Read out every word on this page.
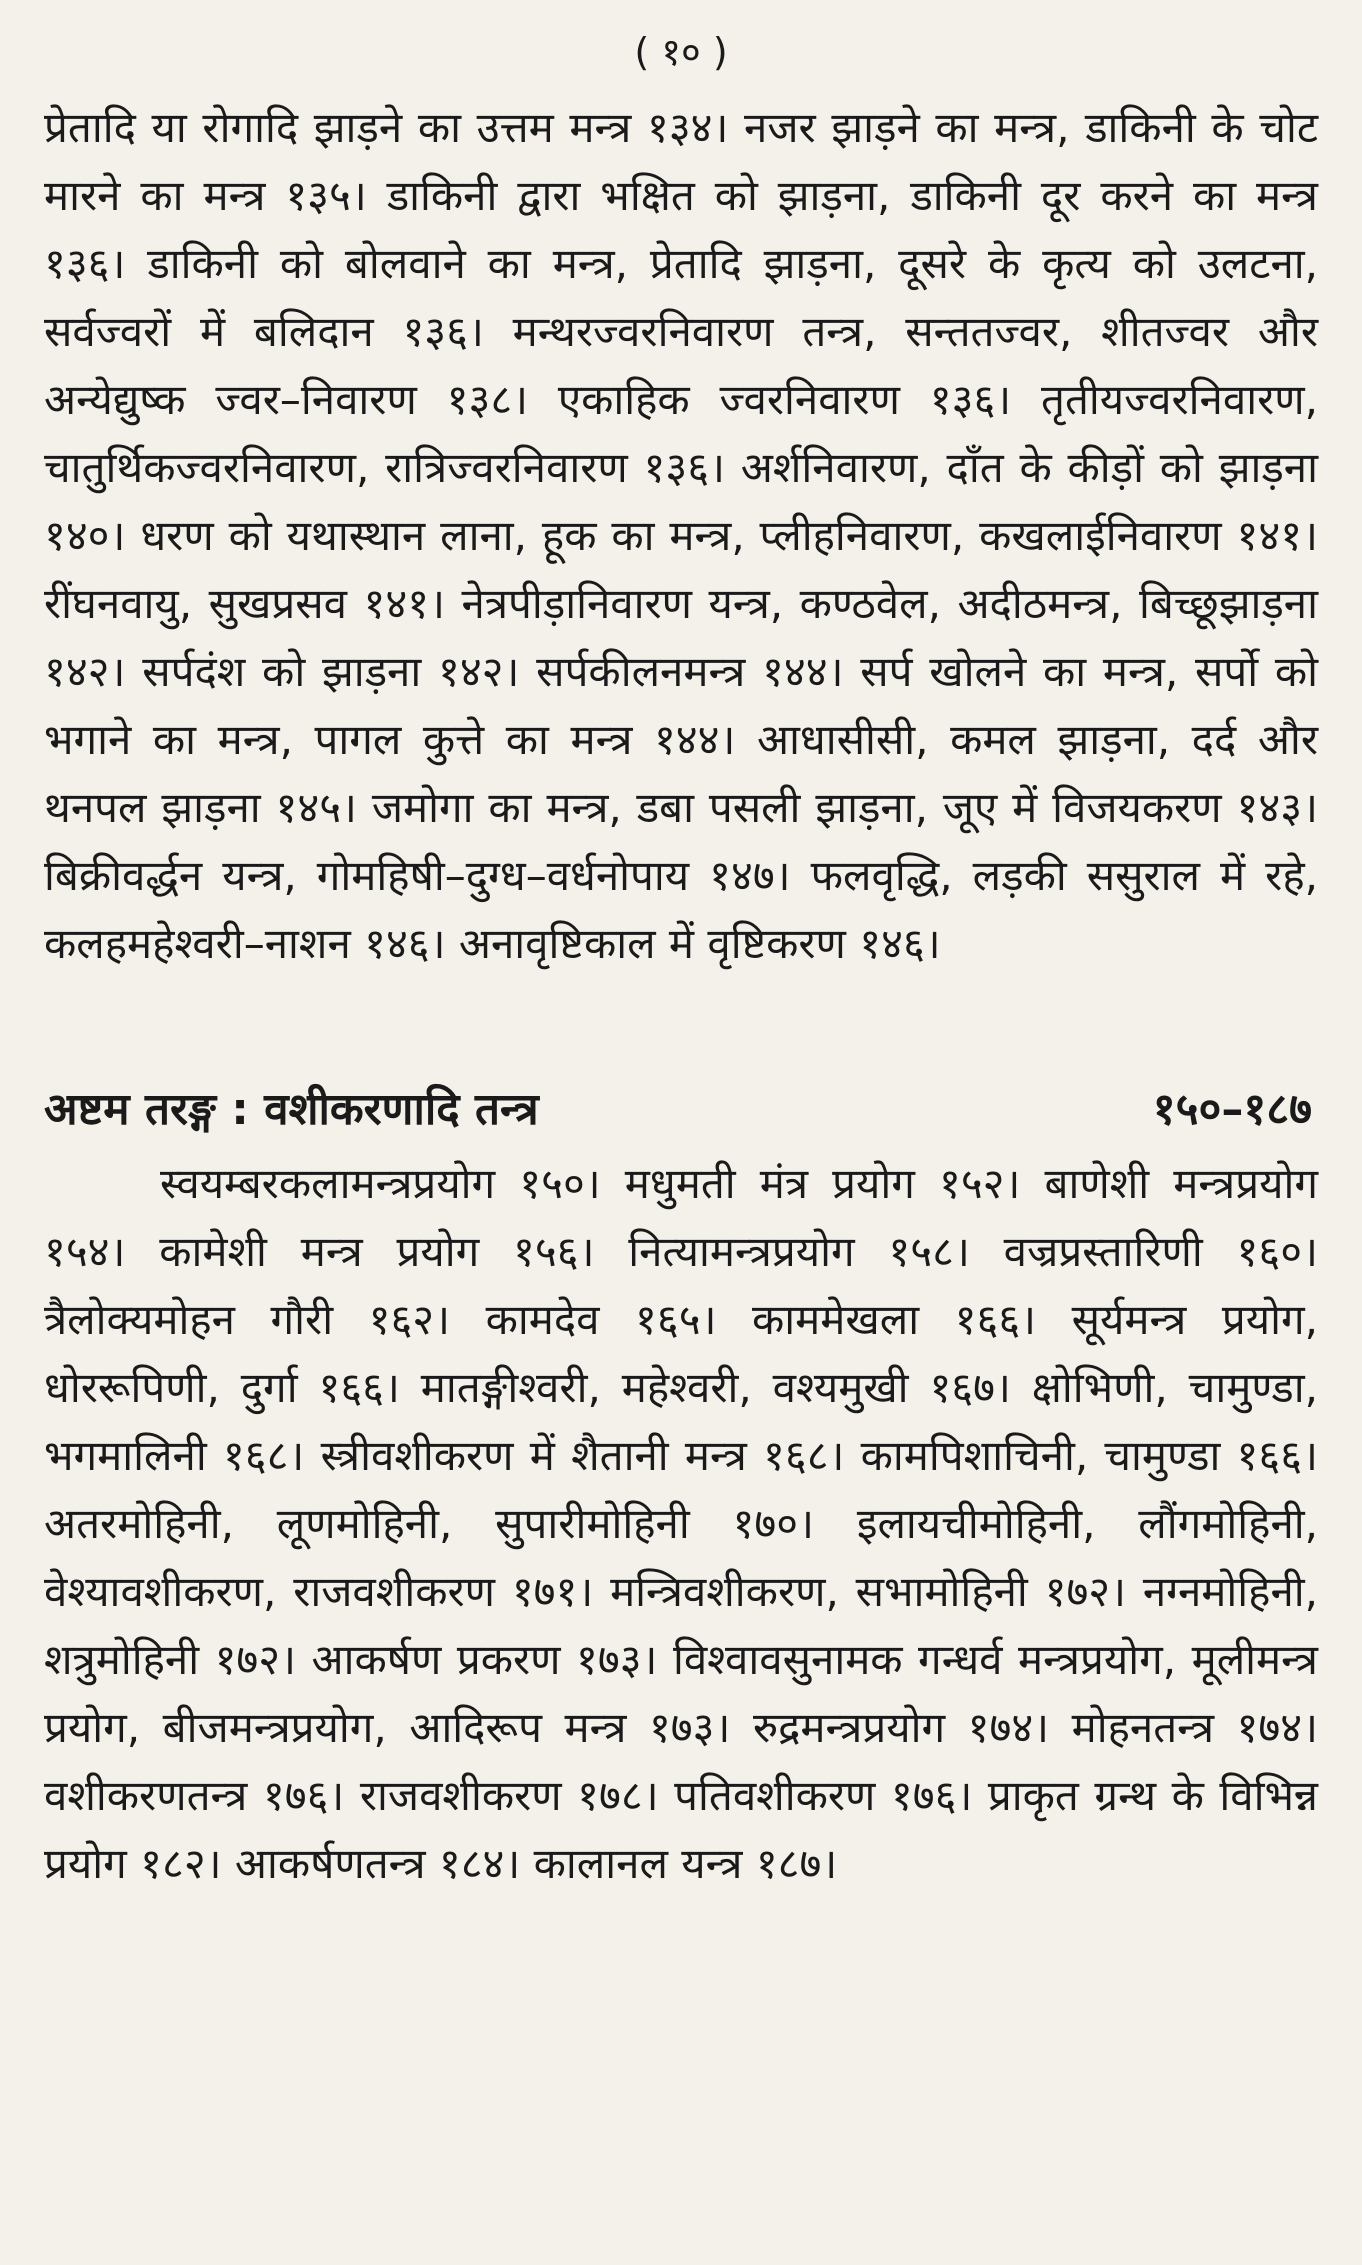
( १० )

प्रेतादि या रोगादि झाड़ने का उत्तम मन्त्र १३४। नजर झाड़ने का मन्त्र, डाकिनी के चोट मारने का मन्त्र १३५। डाकिनी द्वारा भक्षित को झाड़ना, डाकिनी दूर करने का मन्त्र १३६। डाकिनी को बोलवाने का मन्त्र, प्रेतादि झाड़ना, दूसरे के कृत्य को उलटना, सर्वज्वरों में बलिदान १३६। मन्थरज्वरनिवारण तन्त्र, सन्ततज्वर, शीतज्वर और अन्येद्युष्क ज्वर–निवारण १३८। एकाहिक ज्वरनिवारण १३६। तृतीयज्वरनिवारण, चातुर्थिकज्वरनिवारण, रात्रिज्वरनिवारण १३६। अर्शनिवारण, दाँत के कीड़ों को झाड़ना १४०। धरण को यथास्थान लाना, हूक का मन्त्र, प्लीहनिवारण, कखलाईनिवारण १४१। रींघनवायु, सुखप्रसव १४१। नेत्रपीड़ानिवारण यन्त्र, कण्ठवेल, अदीठमन्त्र, बिच्छूझाड़ना १४२। सर्पदंश को झाड़ना १४२। सर्पकीलनमन्त्र १४४। सर्प खोलने का मन्त्र, सर्पो को भगाने का मन्त्र, पागल कुत्ते का मन्त्र १४४। आधासीसी, कमल झाड़ना, दर्द और थनपल झाड़ना १४५। जमोगा का मन्त्र, डबा पसली झाड़ना, जूए में विजयकरण १४३। बिक्रीवर्द्धन यन्त्र, गोमहिषी–दुग्ध–वर्धनोपाय १४७। फलवृद्धि, लड़की ससुराल में रहे, कलहमहेश्वरी–नाशन १४६। अनावृष्टिकाल में वृष्टिकरण १४६।

अष्टम तरङ्ग : वशीकरणादि तन्त्र	१५०–१८७

स्वयम्बरकलामन्त्रप्रयोग १५०। मधुमती मंत्र प्रयोग १५२। बाणेशी मन्त्रप्रयोग १५४। कामेशी मन्त्र प्रयोग १५६। नित्यामन्त्रप्रयोग १५८। वज्रप्रस्तारिणी १६०। त्रैलोक्यमोहन गौरी १६२। कामदेव १६५। काममेखला १६६। सूर्यमन्त्र प्रयोग, धोररूपिणी, दुर्गा १६६। मातङ्गीश्वरी, महेश्वरी, वश्यमुखी १६७। क्षोभिणी, चामुण्डा, भगमालिनी १६८। स्त्रीवशीकरण में शैतानी मन्त्र १६८। कामपिशाचिनी, चामुण्डा १६६। अतरमोहिनी, लूणमोहिनी, सुपारीमोहिनी १७०। इलायचीमोहिनी, लौंगमोहिनी, वेश्यावशीकरण, राजवशीकरण १७१। मन्त्रिवशीकरण, सभामोहिनी १७२। नग्नमोहिनी, शत्रुमोहिनी १७२। आकर्षण प्रकरण १७३। विश्वावसुनामक गन्धर्व मन्त्रप्रयोग, मूलीमन्त्र प्रयोग, बीजमन्त्रप्रयोग, आदिरूप मन्त्र १७३। रुद्रमन्त्रप्रयोग १७४। मोहनतन्त्र १७४। वशीकरणतन्त्र १७६। राजवशीकरण १७८। पतिवशीकरण १७६। प्राकृत ग्रन्थ के विभिन्न प्रयोग १८२। आकर्षणतन्त्र १८४। कालानल यन्त्र १८७।
